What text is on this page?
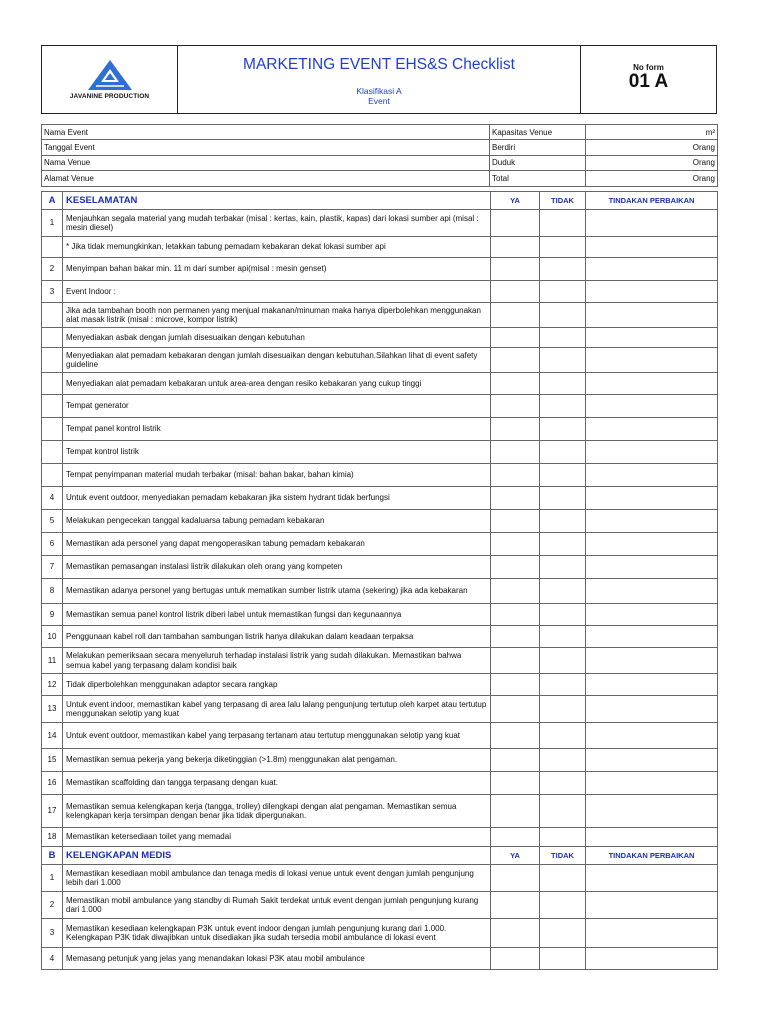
JAVANINE PRODUCTION
MARKETING EVENT EHS&S Checklist
Klasifikasi A
Event
No form
01 A
Nama Event	Kapasitas Venue	m²
Tanggal Event	Berdiri	Orang
Nama Venue	Duduk	Orang
Alamat Venue	Total	Orang
A	KESELAMATAN	YA	TIDAK	TINDAKAN PERBAIKAN
1	Menjauhkan segala material yang mudah terbakar (misal : kertas, kain, plastik, kapas) dari lokasi sumber api (misal : mesin diesel)			
	* Jika tidak memungkinkan, letakkan tabung pemadam kebakaran dekat lokasi sumber api			
2	Menyimpan bahan bakar min. 11 m dari sumber api(misal : mesin genset)			
3	Event Indoor :			
	Jika ada tambahan booth non permanen yang menjual makanan/minuman maka hanya diperbolehkan menggunakan alat masak listrik (misal : microve, kompor listrik)			
	Menyediakan asbak dengan jumlah disesuaikan dengan kebutuhan			
	Menyediakan alat pemadam kebakaran dengan jumlah disesuaikan dengan kebutuhan.Silahkan lihat di event safety guideline			
	Menyediakan alat pemadam kebakaran untuk area-area dengan resiko kebakaran yang cukup tinggi			
	Tempat generator			
	Tempat panel kontrol listrik			
	Tempat kontrol listrik			
	Tempat penyimpanan material mudah terbakar (misal: bahan bakar, bahan kimia)			
4	Untuk event outdoor, menyediakan pemadam kebakaran jika sistem hydrant tidak berfungsi			
5	Melakukan pengecekan tanggal kadaluarsa tabung pemadam kebakaran			
6	Memastikan ada personel yang dapat mengoperasikan tabung pemadam kebakaran			
7	Memastikan pemasangan instalasi listrik dilakukan oleh orang yang kompeten			
8	Memastikan adanya personel yang bertugas untuk mematikan sumber listrik utama (sekering) jika ada kebakaran			
9	Memastikan semua panel kontrol listrik diberi label untuk memastikan fungsi dan kegunaannya			
10	Penggunaan kabel roll dan tambahan sambungan listrik hanya dilakukan dalam keadaan terpaksa			
11	Melakukan pemeriksaan secara menyeluruh terhadap instalasi listrik yang sudah dilakukan. Memastikan bahwa semua kabel yang terpasang dalam kondisi baik			
12	Tidak diperbolehkan menggunakan adaptor secara rangkap			
13	Untuk event indoor, memastikan kabel yang terpasang di area lalu lalang pengunjung tertutup oleh karpet atau tertutup menggunakan selotip yang kuat			
14	Untuk event outdoor, memastikan kabel yang terpasang tertanam atau tertutup menggunakan selotip yang kuat			
15	Memastikan semua pekerja yang bekerja diketinggian (>1.8m) menggunakan alat pengaman.			
16	Memastikan scaffolding dan tangga terpasang dengan kuat.			
17	Memastikan semua kelengkapan kerja (tangga, trolley) dilengkapi dengan alat pengaman. Memastikan semua kelengkapan kerja tersimpan dengan benar jika tidak dipergunakan.			
18	Memastikan ketersediaan toilet yang memadai			
B	KELENGKAPAN MEDIS	YA	TIDAK	TINDAKAN PERBAIKAN
1	Memastikan kesediaan mobil ambulance dan tenaga medis di lokasi venue untuk event dengan jumlah pengunjung lebih dari 1.000			
2	Memastikan mobil ambulance yang standby di Rumah Sakit terdekat untuk event dengan jumlah pengunjung kurang dari 1.000			
3	Memastikan kesediaan kelengkapan P3K untuk event indoor dengan jumlah pengunjung kurang dari 1.000. Kelengkapan P3K tidak diwajibkan untuk disediakan jika sudah tersedia mobil ambulance di lokasi event			
4	Memasang petunjuk yang jelas yang menandakan lokasi P3K atau mobil ambulance			
